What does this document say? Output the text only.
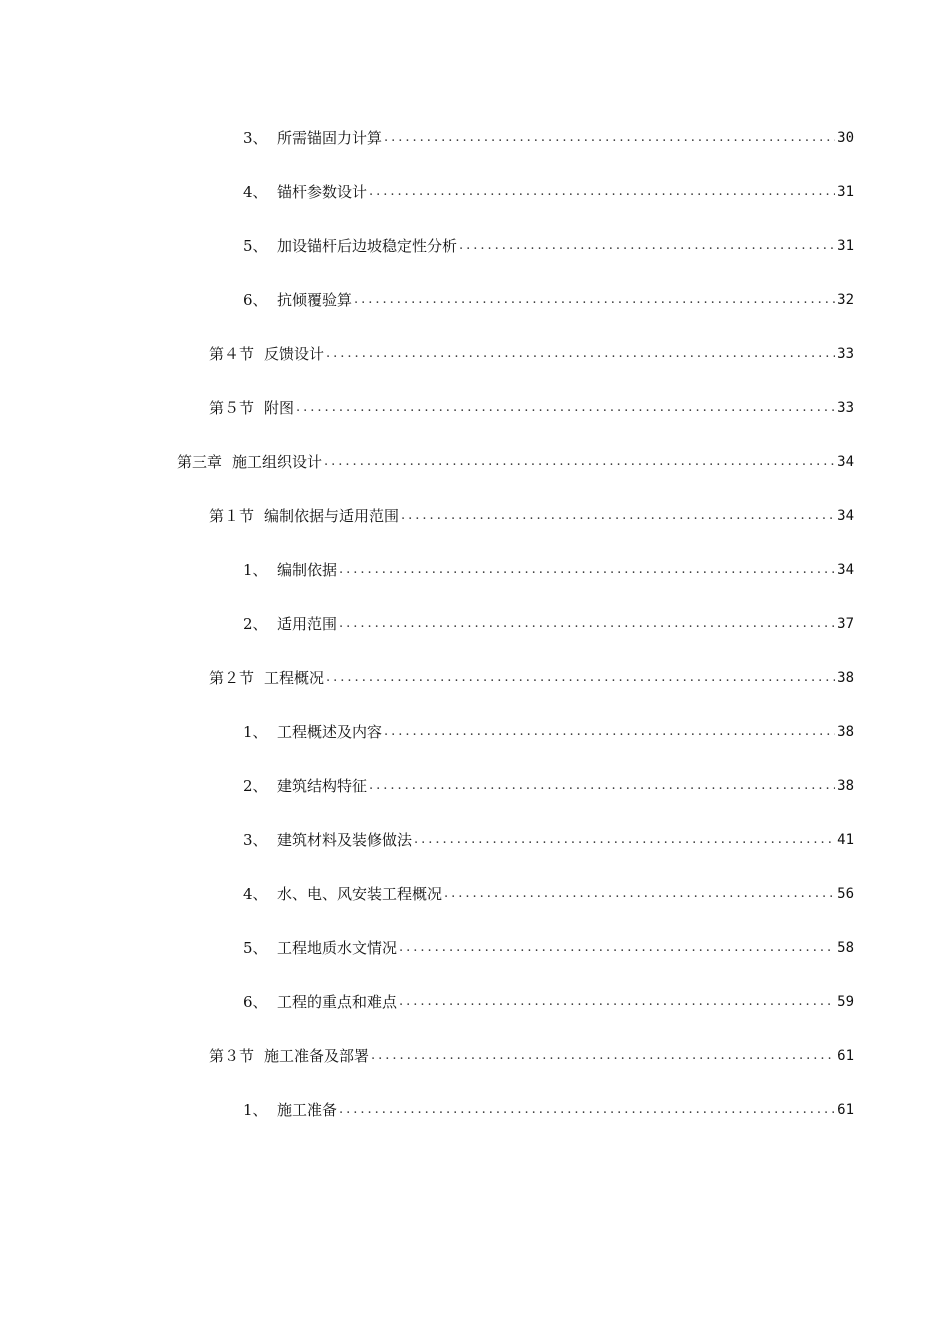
3、 所需锚固力计算 .....	30
4、 锚杆参数设计 .....	31
5、 加设锚杆后边坡稳定性分析 .....	31
6、 抗倾覆验算 .....	32
第４节 反馈设计 .....	33
第５节 附图 .....	33
第三章 施工组织设计 .....	34
第１节 编制依据与适用范围 .....	34
1、 编制依据 .....	34
2、 适用范围 .....	37
第２节 工程概况 .....	38
1、 工程概述及内容 .....	38
2、 建筑结构特征 .....	38
3、 建筑材料及装修做法 .....	41
4、 水、电、风安装工程概况 .....	56
5、 工程地质水文情况 .....	58
6、 工程的重点和难点 .....	59
第３节 施工准备及部署 .....	61
1、 施工准备 .....	61
